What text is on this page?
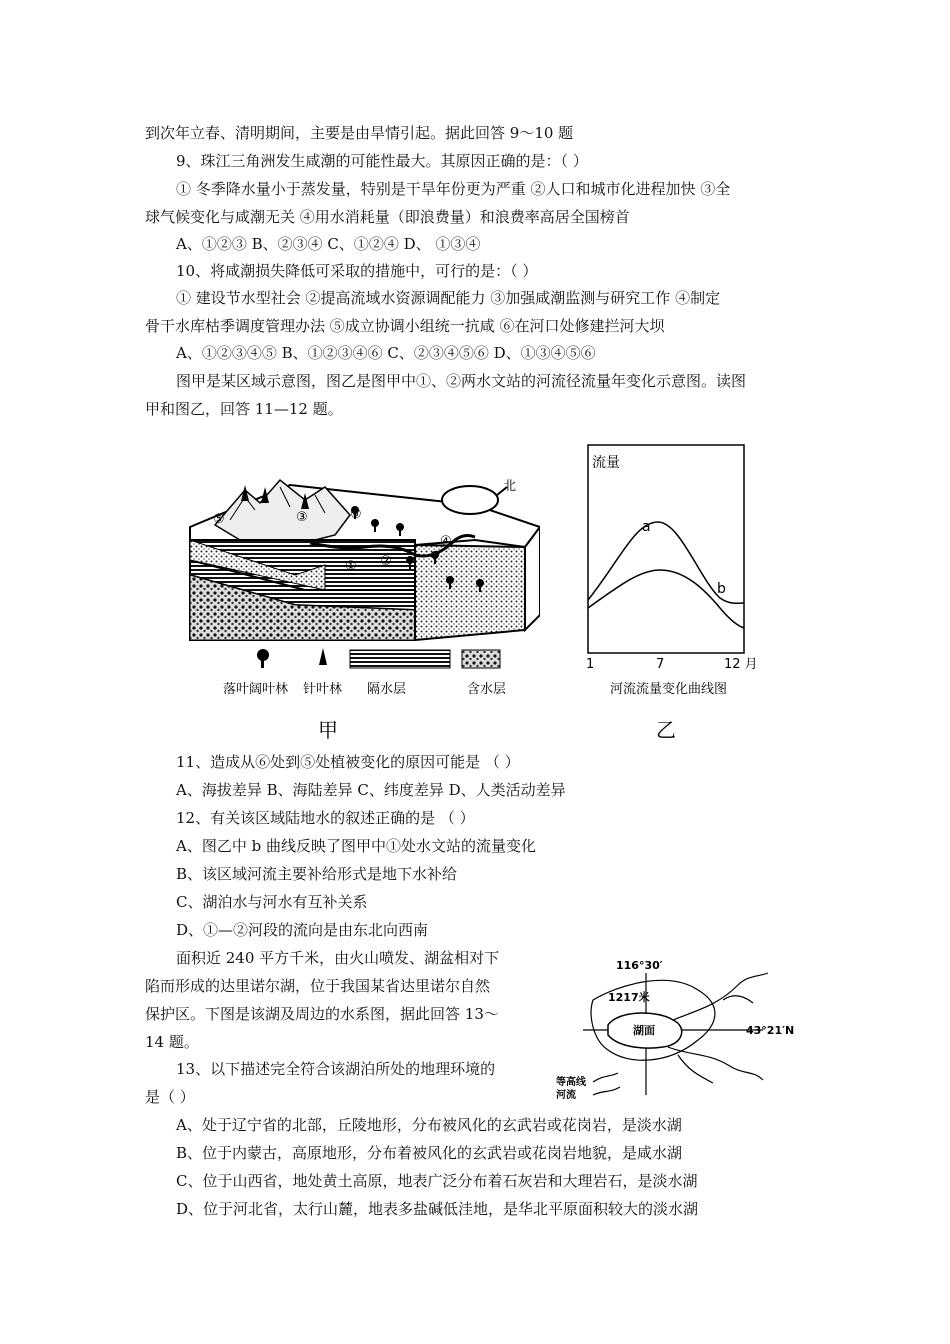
到次年立春、清明期间，主要是由旱情引起。据此回答 9～10 题
9、珠江三角洲发生咸潮的可能性最大。其原因正确的是：（ ）
① 冬季降水量小于蒸发量，特别是干旱年份更为严重 ②人口和城市化进程加快 ③全
球气候变化与咸潮无关 ④用水消耗量（即浪费量）和浪费率高居全国榜首
A、①②③ B、②③④ C、①②④ D、 ①③④
10、将咸潮损失降低可采取的措施中，可行的是：（ ）
① 建设节水型社会 ②提高流域水资源调配能力 ③加强咸潮监测与研究工作 ④制定
骨干水库枯季调度管理办法 ⑤成立协调小组统一抗咸 ⑥在河口处修建拦河大坝
A、①②③④⑤ B、①②③④⑥ C、②③④⑤⑥ D、①③④⑤⑥
图甲是某区域示意图，图乙是图甲中①、②两水文站的河流径流量年变化示意图。读图
甲和图乙，回答 11—12 题。
11、造成从⑥处到⑤处植被变化的原因可能是 （ ）
A、海拔差异 B、海陆差异 C、纬度差异 D、人类活动差异
12、有关该区域陆地水的叙述正确的是 （ ）
A、图乙中 b 曲线反映了图甲中①处水文站的流量变化
B、该区域河流主要补给形式是地下水补给
C、湖泊水与河水有互补关系
D、①—②河段的流向是由东北向西南
面积近 240 平方千米，由火山喷发、湖盆相对下
陷而形成的达里诺尔湖，位于我国某省达里诺尔自然
保护区。下图是该湖及周边的水系图，据此回答 13～
14 题。
13、以下描述完全符合该湖泊所处的地理环境的
是（ ）
A、处于辽宁省的北部，丘陵地形，分布被风化的玄武岩或花岗岩，是淡水湖
B、位于内蒙古，高原地形，分布着被风化的玄武岩或花岗岩地貌，是咸水湖
C、位于山西省，地处黄土高原，地表广泛分布着石灰岩和大理岩石，是淡水湖
D、位于河北省，太行山麓，地表多盐碱低洼地，是华北平原面积较大的淡水湖
北
⑤	③	⑥
④
① ②
落叶阔叶林 针叶林 隔水层	含水层
甲
流量
a
b
1	7	12 月
河流流量变化曲线图
乙
116°30′
43°21′N
1217米
湖面
等高线
河流
